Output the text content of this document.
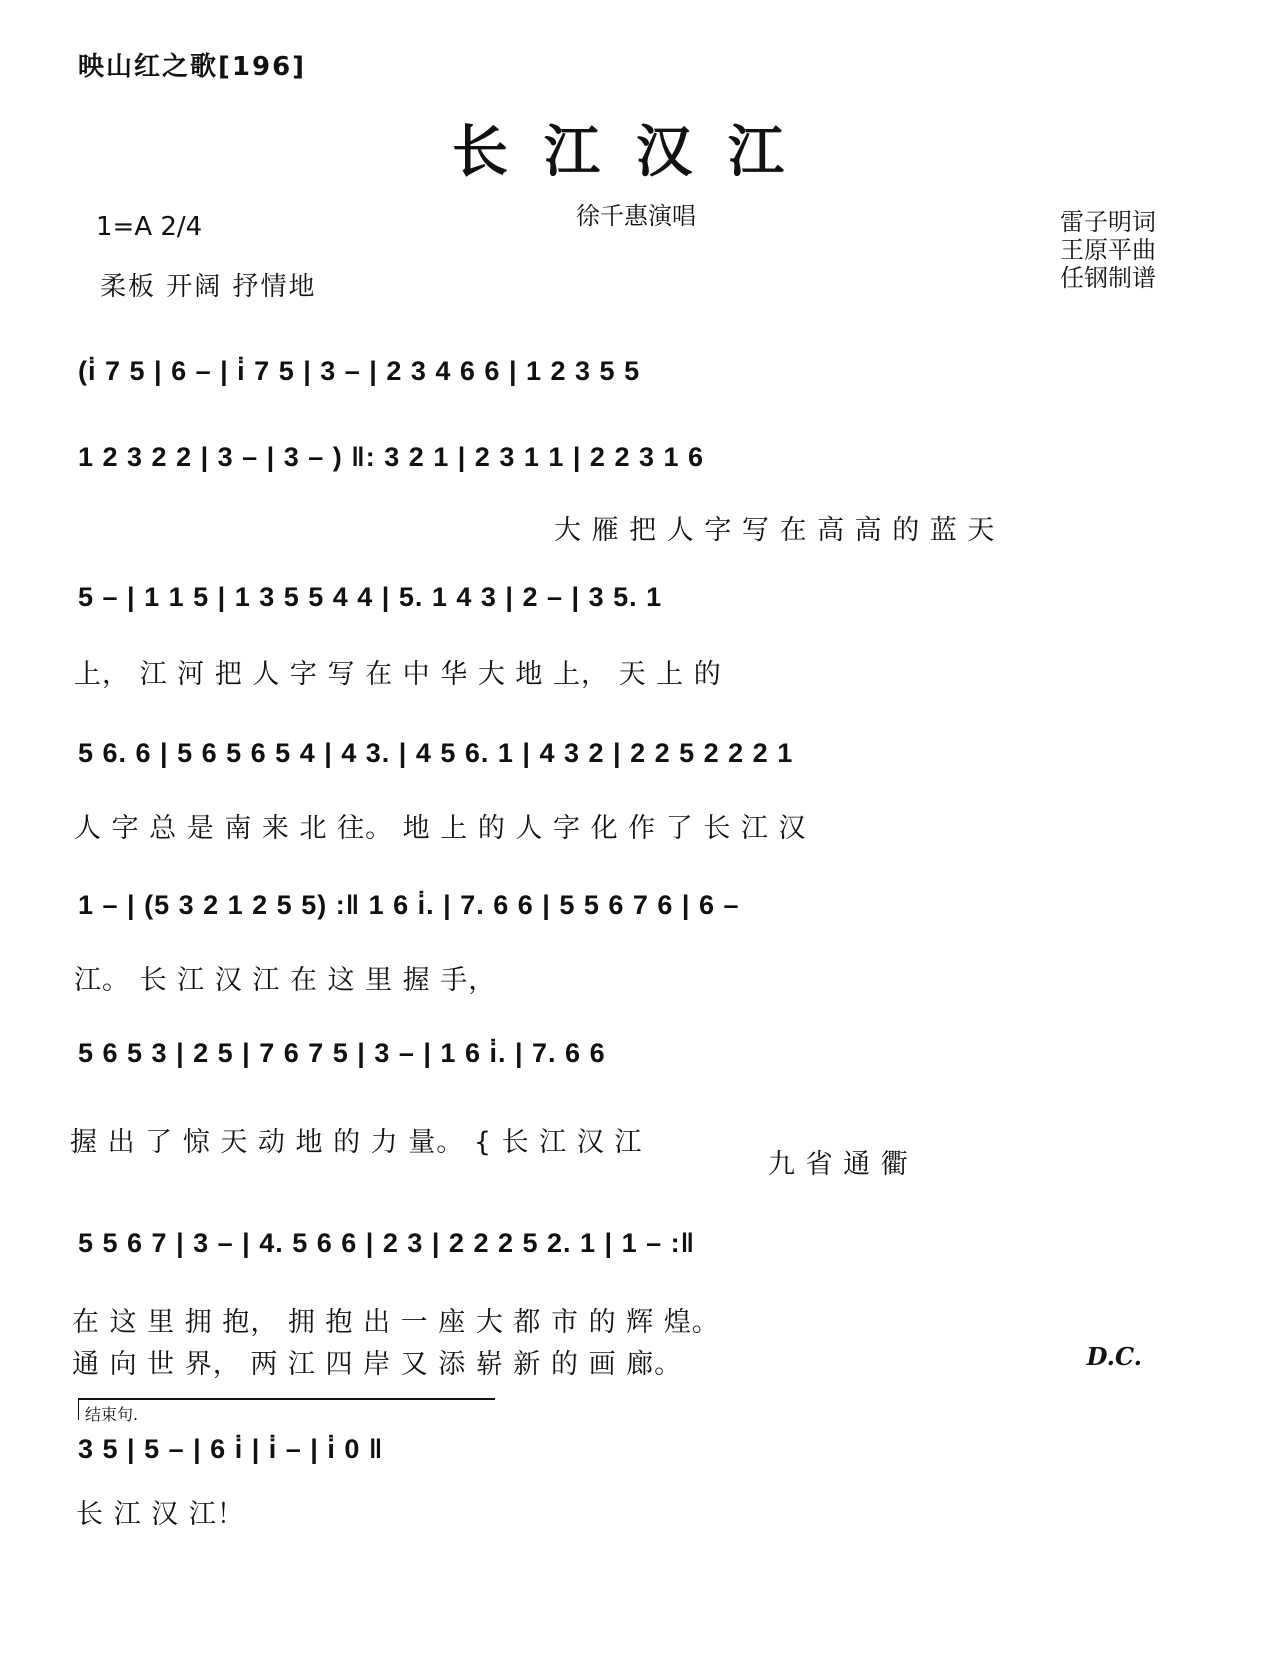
映山红之歌[196]
长江汉江
徐千惠演唱
1=A 2/4
柔板 开阔 抒情地
雷子明词
王原平曲
任钢制谱
(i̇ 7 5 | 6 – | i̇ 7 5 | 3 – | 2 3 4 6 6 | 1 2 3 5 5
1 2 3 2 2 | 3 – | 3 – ) ‖: 3 2 1 | 2 3 1 1 | 2 2 3 1 6
大 雁 把 人 字 写 在 高 高 的 蓝 天
5 – | 1 1 5 | 1 3 5 5 4 4 | 5. 1 4 3 | 2 – | 3 5. 1
上， 江 河 把 人 字 写 在 中 华 大 地 上， 天 上 的
5 6. 6 | 5 6 5 6 5 4 | 4 3. | 4 5 6. 1 | 4 3 2 | 2 2 5 2 2 2 1
人 字 总 是 南 来 北 往。 地 上 的 人 字 化 作 了 长 江 汉
1 – | (5 3 2 1 2 5 5) :‖ 1 6 i̇. | 7. 6 6 | 5 5 6 7 6 | 6 –
江。 长 江 汉 江 在 这 里 握 手，
5 6 5 3 | 2 5 | 7 6 7 5 | 3 – | 1 6 i̇. | 7. 6 6
握 出 了 惊 天 动 地 的 力 量。 { 长 江 汉 江
九 省 通 衢
5 5 6 7 | 3 – | 4. 5 6 6 | 2 3 | 2 2 2 5 2. 1 | 1 – :‖
在 这 里 拥 抱， 拥 抱 出 一 座 大 都 市 的 辉 煌。
通 向 世 界， 两 江 四 岸 又 添 崭 新 的 画 廊。	D.C.
结束句.
3 5 | 5 – | 6 i̇ | i̇ – | i̇ 0 ‖
长 江 汉 江！
